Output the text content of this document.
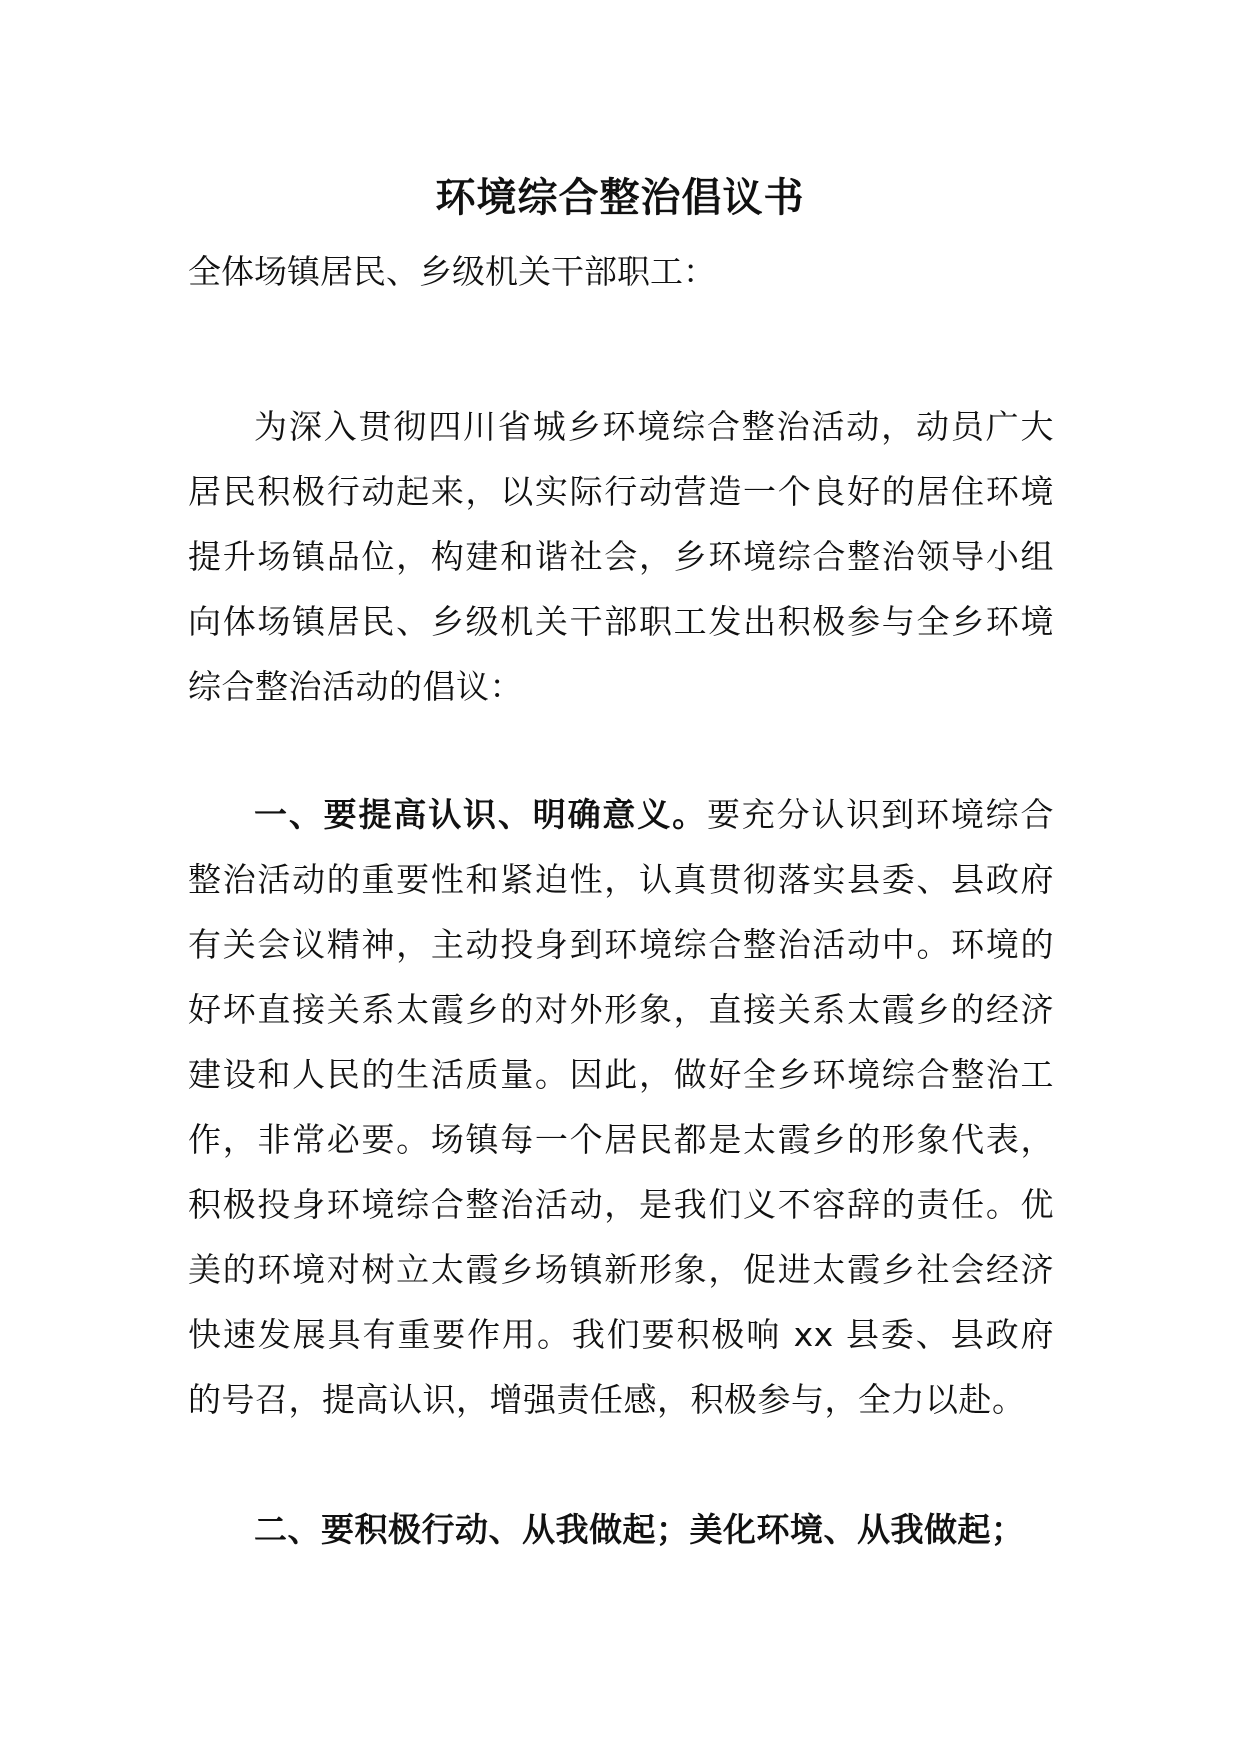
环境综合整治倡议书
全体场镇居民、乡级机关干部职工：
为深入贯彻四川省城乡环境综合整治活动，动员广大居民积极行动起来，以实际行动营造一个良好的居住环境提升场镇品位，构建和谐社会，乡环境综合整治领导小组向体场镇居民、乡级机关干部职工发出积极参与全乡环境综合整治活动的倡议：
一、要提高认识、明确意义。要充分认识到环境综合整治活动的重要性和紧迫性，认真贯彻落实县委、县政府有关会议精神，主动投身到环境综合整治活动中。环境的好坏直接关系太霞乡的对外形象，直接关系太霞乡的经济建设和人民的生活质量。因此，做好全乡环境综合整治工作，非常必要。场镇每一个居民都是太霞乡的形象代表，积极投身环境综合整治活动，是我们义不容辞的责任。优美的环境对树立太霞乡场镇新形象，促进太霞乡社会经济快速发展具有重要作用。我们要积极响 xx 县委、县政府的号召，提高认识，增强责任感，积极参与，全力以赴。
二、要积极行动、从我做起；美化环境、从我做起；
